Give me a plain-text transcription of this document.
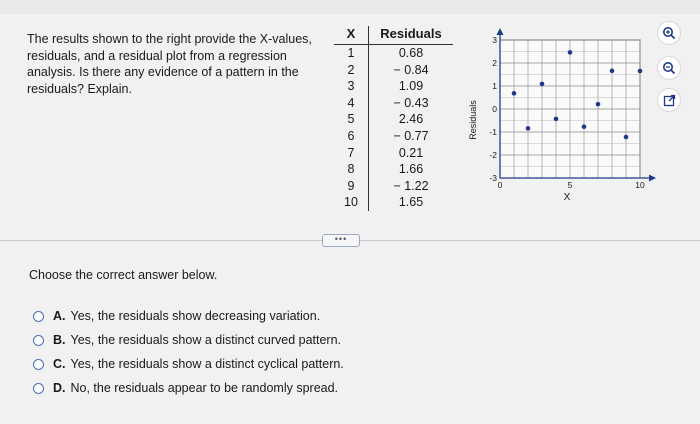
The results shown to the right provide the X-values, residuals, and a residual plot from a regression analysis. Is there any evidence of a pattern in the residuals? Explain.
X	Residuals
1	0.68
2	− 0.84
3	1.09
4	− 0.43
5	2.46
6	− 0.77
7	0.21
8	1.66
9	− 1.22
10	1.65
0	5	10
3
2
1
0
-1
-2
-3
Residuals
X
•••
Choose the correct answer below.
A. Yes, the residuals show decreasing variation.
B. Yes, the residuals show a distinct curved pattern.
C. Yes, the residuals show a distinct cyclical pattern.
D. No, the residuals appear to be randomly spread.
